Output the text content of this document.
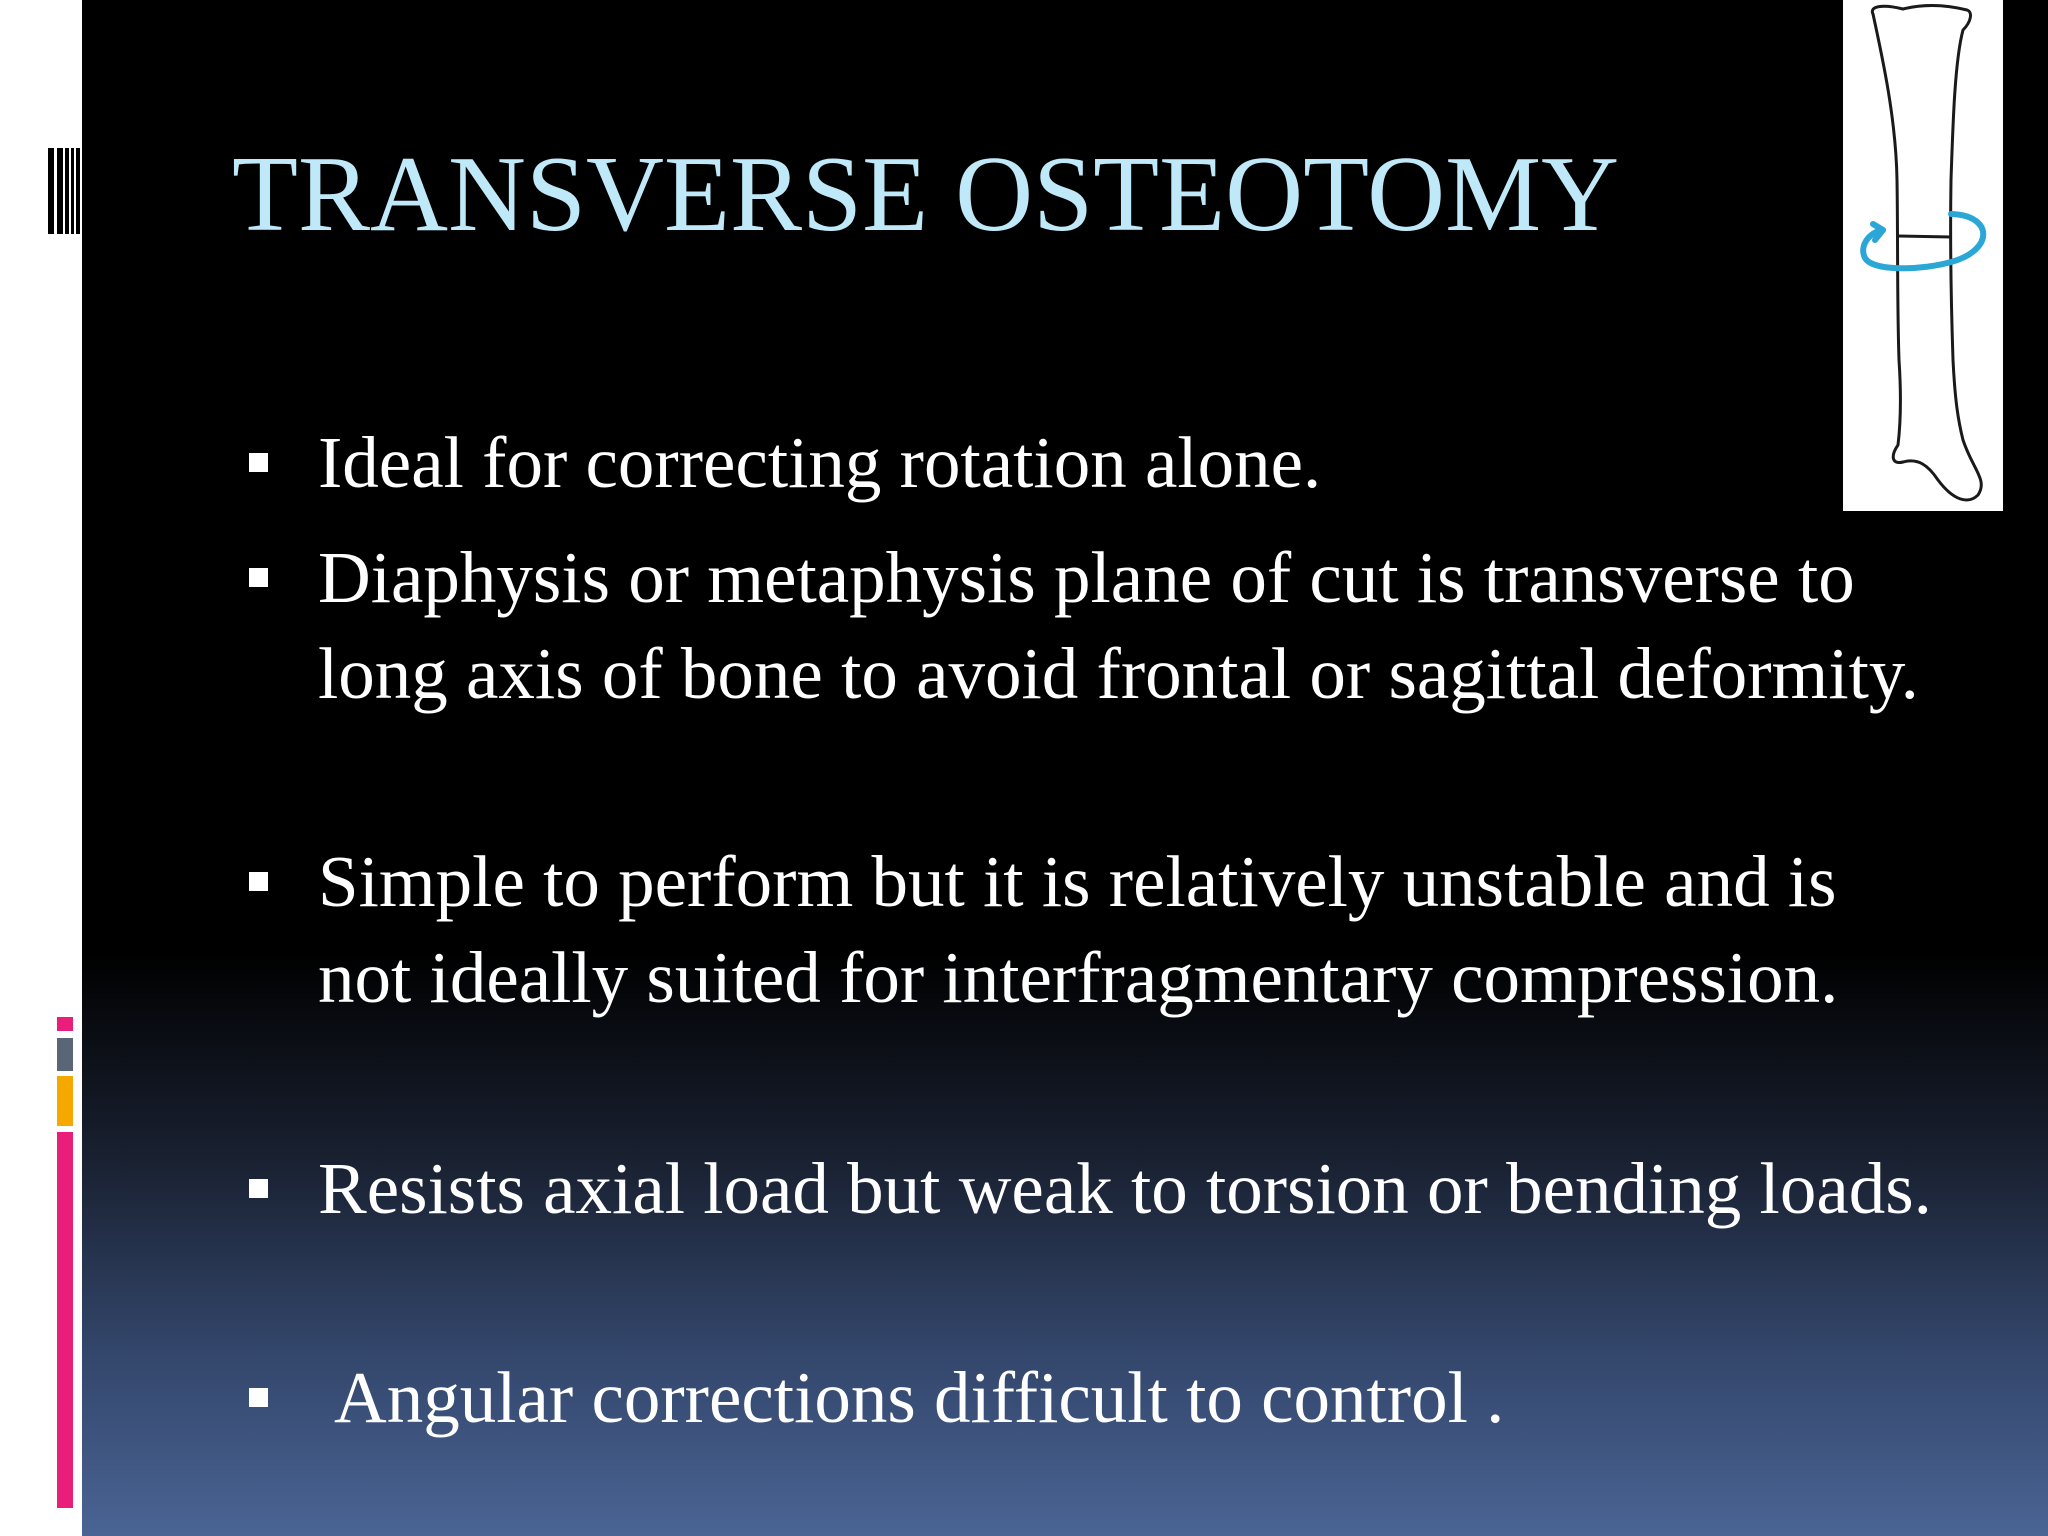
TRANSVERSE OSTEOTOMY
Ideal for correcting rotation alone.
Diaphysis or metaphysis plane of cut is transverse to long axis of bone to avoid frontal or sagittal deformity.
Simple to perform but it is relatively unstable and is not ideally suited for interfragmentary compression.
Resists axial load but weak to torsion or bending loads.
Angular corrections difficult to control .
